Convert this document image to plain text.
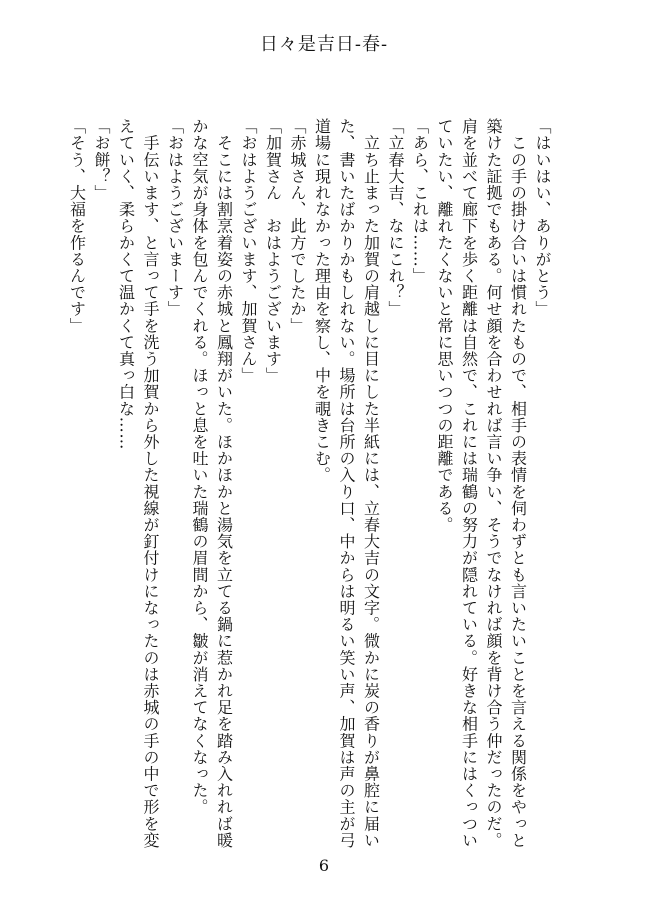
日々是吉日-春-
「はいはい、ありがとう」
　この手の掛け合いは慣れたもので、相手の表情を伺わずとも言いたいことを言える関係をやっと
築けた証拠でもある。何せ顔を合わせれば言い争い、そうでなければ顔を背け合う仲だったのだ。
肩を並べて廊下を歩く距離は自然で、これには瑞鶴の努力が隠れている。好きな相手にはくっつい
ていたい、離れたくないと常に思いつつの距離である。
「あら、これは……」
「立春大吉、なにこれ？」
　立ち止まった加賀の肩越しに目にした半紙には、立春大吉の文字。微かに炭の香りが鼻腔に届い
た、書いたばかりかもしれない。場所は台所の入り口、中からは明るい笑い声、加賀は声の主が弓
道場に現れなかった理由を察し、中を覗きこむ。
「赤城さん、此方でしたか」
「加賀さん　おはようございます」
「おはようございます、加賀さん」
　そこには割烹着姿の赤城と鳳翔がいた。ほかほかと湯気を立てる鍋に惹かれ足を踏み入れれば暖
かな空気が身体を包んでくれる。ほっと息を吐いた瑞鶴の眉間から、皺が消えてなくなった。
「おはようございまーす」
　手伝います、と言って手を洗う加賀から外した視線が釘付けになったのは赤城の手の中で形を変
えていく、柔らかくて温かくて真っ白な……
「お餅？」
「そう、大福を作るんです」
6
